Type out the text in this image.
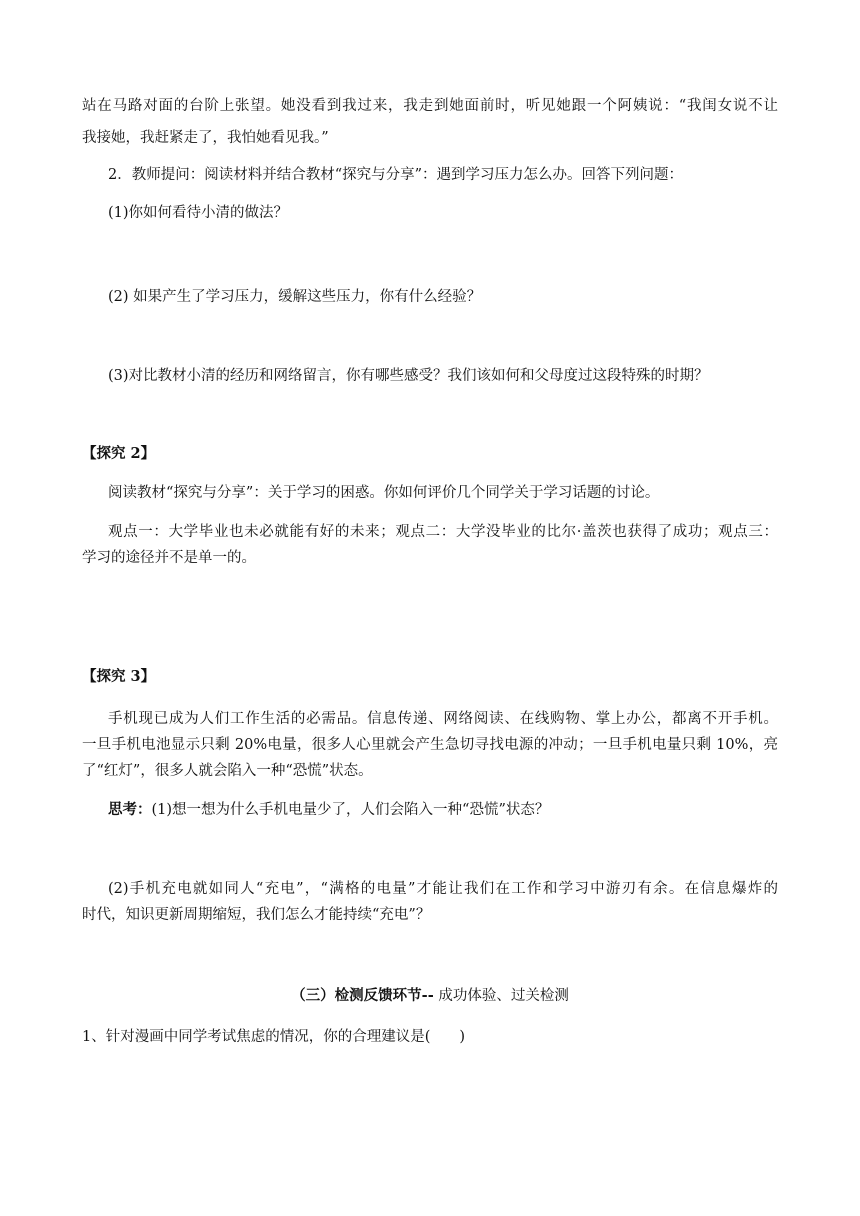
站在马路对面的台阶上张望。她没看到我过来，我走到她面前时，听见她跟一个阿姨说：“我闺女说不让
我接她，我赶紧走了，我怕她看见我。”
2．教师提问：阅读材料并结合教材“探究与分享”：遇到学习压力怎么办。回答下列问题：
(1)你如何看待小清的做法？
(2) 如果产生了学习压力，缓解这些压力，你有什么经验？
(3)对比教材小清的经历和网络留言，你有哪些感受？我们该如何和父母度过这段特殊的时期？
【探究 2】
阅读教材“探究与分享”：关于学习的困惑。你如何评价几个同学关于学习话题的讨论。
观点一：大学毕业也未必就能有好的未来；观点二：大学没毕业的比尔·盖茨也获得了成功；观点三：
学习的途径并不是单一的。
【探究 3】
手机现已成为人们工作生活的必需品。信息传递、网络阅读、在线购物、掌上办公，都离不开手机。
一旦手机电池显示只剩 20%电量，很多人心里就会产生急切寻找电源的冲动；一旦手机电量只剩 10%，亮
了“红灯”，很多人就会陷入一种“恐慌”状态。
思考：(1)想一想为什么手机电量少了，人们会陷入一种“恐慌”状态？
(2)手机充电就如同人“充电”，“满格的电量”才能让我们在工作和学习中游刃有余。在信息爆炸的
时代，知识更新周期缩短，我们怎么才能持续“充电”？
（三）检测反馈环节-- 成功体验、过关检测
1、针对漫画中同学考试焦虑的情况，你的合理建议是(　　)
